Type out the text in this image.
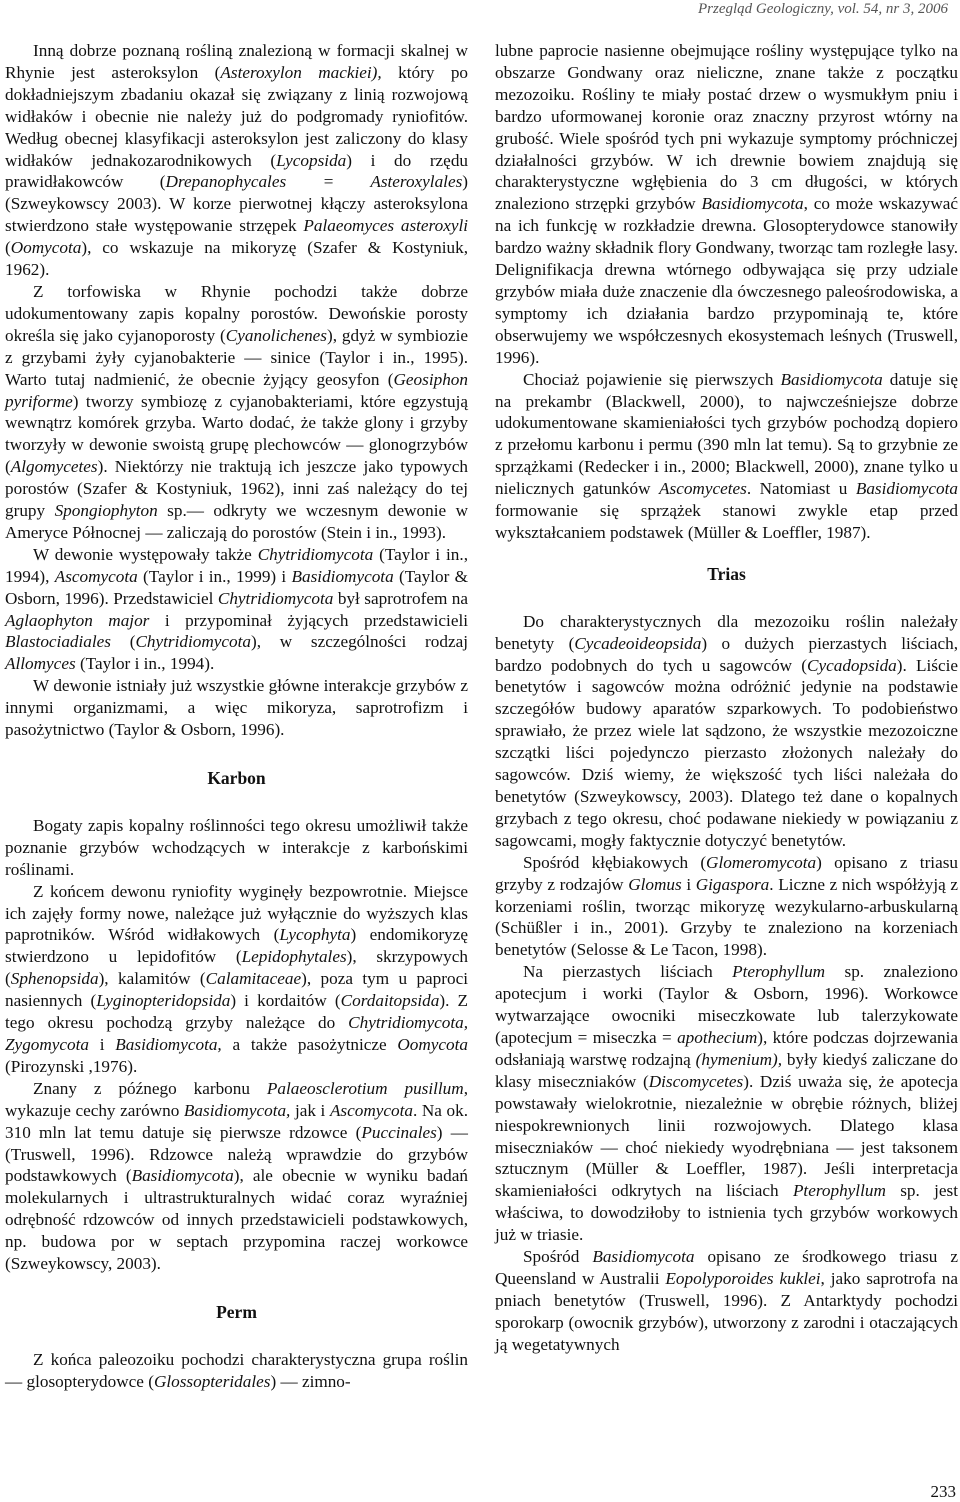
Przegląd Geologiczny, vol. 54, nr 3, 2006

Inną dobrze poznaną rośliną znalezioną w formacji skalnej w Rhynie jest asteroksylon (Asteroxylon mackiei), który po dokładniejszym zbadaniu okazał się związany z linią rozwojową widłaków i obecnie nie należy już do podgromady ryniofitów. Według obecnej klasyfikacji asteroksylon jest zaliczony do klasy widłaków jednakozarodnikowych (Lycopsida) i do rzędu prawidłakowców (Drepanophycales = Asteroxylales) (Szweykowscy 2003). W korze pierwotnej kłączy asteroksylona stwierdzono stałe występowanie strzępek Palaeomyces asteroxyli (Oomycota), co wskazuje na mikoryzę (Szafer & Kostyniuk, 1962).

Z torfowiska w Rhynie pochodzi także dobrze udokumentowany zapis kopalny porostów. Dewońskie porosty określa się jako cyjanoporosty (Cyanolichenes), gdyż w symbiozie z grzybami żyły cyjanobakterie — sinice (Taylor i in., 1995). Warto tutaj nadmienić, że obecnie żyjący geosyfon (Geosiphon pyriforme) tworzy symbiozę z cyjanobakteriami, które egzystują wewnątrz komórek grzyba. Warto dodać, że także glony i grzyby tworzyły w dewonie swoistą grupę plechowców — glonogrzybów (Algomycetes). Niektórzy nie traktują ich jeszcze jako typowych porostów (Szafer & Kostyniuk, 1962), inni zaś należący do tej grupy Spongiophyton sp.— odkryty we wczesnym dewonie w Ameryce Północnej — zaliczają do porostów (Stein i in., 1993).

W dewonie występowały także Chytridiomycota (Taylor i in., 1994), Ascomycota (Taylor i in., 1999) i Basidiomycota (Taylor & Osborn, 1996). Przedstawiciel Chytridiomycota był saprotrofem na Aglaophyton major i przypominał żyjących przedstawicieli Blastociadiales (Chytridiomycota), w szczególności rodzaj Allomyces (Taylor i in., 1994).

W dewonie istniały już wszystkie główne interakcje grzybów z innymi organizmami, a więc mikoryza, saprotrofizm i pasożytnictwo (Taylor & Osborn, 1996).

Karbon

Bogaty zapis kopalny roślinności tego okresu umożliwił także poznanie grzybów wchodzących w interakcje z karbońskimi roślinami.

Z końcem dewonu ryniofity wyginęły bezpowrotnie. Miejsce ich zajęły formy nowe, należące już wyłącznie do wyższych klas paprotników. Wśród widłakowych (Lycophyta) endomikoryzę stwierdzono u lepidofitów (Lepidophytales), skrzypowych (Sphenopsida), kalamitów (Calamitaceae), poza tym u paproci nasiennych (Lyginopteridopsida) i kordaitów (Cordaitopsida). Z tego okresu pochodzą grzyby należące do Chytridiomycota, Zygomycota i Basidiomycota, a także pasożytnicze Oomycota (Pirozynski ,1976).

Znany z późnego karbonu Palaeosclerotium pusillum, wykazuje cechy zarówno Basidiomycota, jak i Ascomycota. Na ok. 310 mln lat temu datuje się pierwsze rdzowce (Puccinales) — (Truswell, 1996). Rdzowce należą wprawdzie do grzybów podstawkowych (Basidiomycota), ale obecnie w wyniku badań molekularnych i ultrastrukturalnych widać coraz wyraźniej odrębność rdzowców od innych przedstawicieli podstawkowych, np. budowa por w septach przypomina raczej workowce (Szweykowscy, 2003).

Perm

Z końca paleozoiku pochodzi charakterystyczna grupa roślin — glosopterydowce (Glossopteridales) — zimno-

lubne paprocie nasienne obejmujące rośliny występujące tylko na obszarze Gondwany oraz nieliczne, znane także z początku mezozoiku. Rośliny te miały postać drzew o wysmukłym pniu i bardzo uformowanej koronie oraz znaczny przyrost wtórny na grubość. Wiele spośród tych pni wykazuje symptomy próchniczej działalności grzybów. W ich drewnie bowiem znajdują się charakterystyczne wgłębienia do 3 cm długości, w których znaleziono strzępki grzybów Basidiomycota, co może wskazywać na ich funkcję w rozkładzie drewna. Glosopterydowce stanowiły bardzo ważny składnik flory Gondwany, tworząc tam rozległe lasy. Delignifikacja drewna wtórnego odbywająca się przy udziale grzybów miała duże znaczenie dla ówczesnego paleośrodowiska, a symptomy ich działania bardzo przypominają te, które obserwujemy we współczesnych ekosystemach leśnych (Truswell, 1996).

Chociaż pojawienie się pierwszych Basidiomycota datuje się na prekambr (Blackwell, 2000), to najwcześniejsze dobrze udokumentowane skamieniałości tych grzybów pochodzą dopiero z przełomu karbonu i permu (390 mln lat temu). Są to grzybnie ze sprzążkami (Redecker i in., 2000; Blackwell, 2000), znane tylko u nielicznych gatunków Ascomycetes. Natomiast u Basidiomycota formowanie się sprzążek stanowi zwykle etap przed wykształcaniem podstawek (Müller & Loeffler, 1987).

Trias

Do charakterystycznych dla mezozoiku roślin należały benetyty (Cycadeoideopsida) o dużych pierzastych liściach, bardzo podobnych do tych u sagowców (Cycadopsida). Liście benetytów i sagowców można odróżnić jedynie na podstawie szczegółów budowy aparatów szparkowych. To podobieństwo sprawiało, że przez wiele lat sądzono, że wszystkie mezozoiczne szczątki liści pojedynczo pierzasto złożonych należały do sagowców. Dziś wiemy, że większość tych liści należała do benetytów (Szweykowscy, 2003). Dlatego też dane o kopalnych grzybach z tego okresu, choć podawane niekiedy w powiązaniu z sagowcami, mogły faktycznie dotyczyć benetytów.

Spośród kłębiakowych (Glomeromycota) opisano z triasu grzyby z rodzajów Glomus i Gigaspora. Liczne z nich współżyją z korzeniami roślin, tworząc mikoryzę wezykularno-arbuskularną (Schüßler i in., 2001). Grzyby te znaleziono na korzeniach benetytów (Selosse & Le Tacon, 1998).

Na pierzastych liściach Pterophyllum sp. znaleziono apotecjum i worki (Taylor & Osborn, 1996). Workowce wytwarzające owocniki miseczkowate lub talerzykowate (apotecjum = miseczka = apothecium), które podczas dojrzewania odsłaniają warstwę rodzajną (hymenium), były kiedyś zaliczane do klasy miseczniaków (Discomycetes). Dziś uważa się, że apotecja powstawały wielokrotnie, niezależnie w obrębie różnych, bliżej niespokrewnionych linii rozwojowych. Dlatego klasa miseczniaków — choć niekiedy wyodrębniana — jest taksonem sztucznym (Müller & Loeffler, 1987). Jeśli interpretacja skamieniałości odkrytych na liściach Pterophyllum sp. jest właściwa, to dowodziłoby to istnienia tych grzybów workowych już w triasie.

Spośród Basidiomycota opisano ze środkowego triasu z Queensland w Australii Eopolyporoides kuklei, jako saprotrofa na pniach benetytów (Truswell, 1996). Z Antarktydy pochodzi sporokarp (owocnik grzybów), utworzony z zarodni i otaczających ją wegetatywnych

233
